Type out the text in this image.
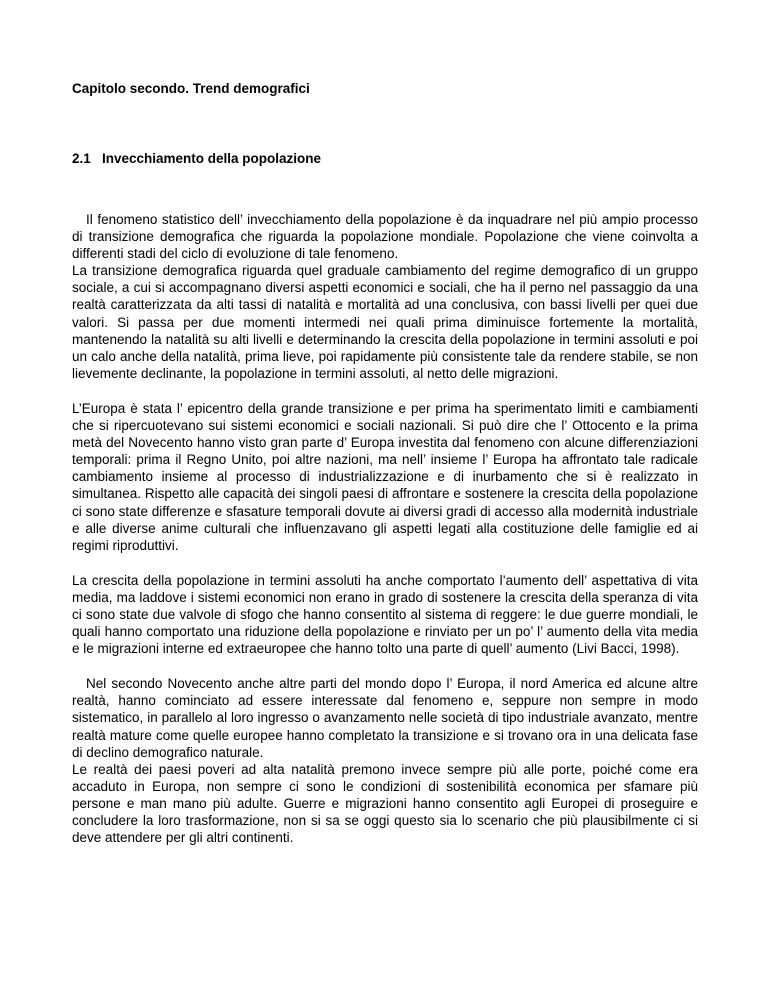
Capitolo secondo. Trend demografici
2.1 Invecchiamento della popolazione

Il fenomeno statistico dell’ invecchiamento della popolazione è da inquadrare nel più ampio processo di transizione demografica che riguarda la popolazione mondiale. Popolazione che viene coinvolta a differenti stadi del ciclo di evoluzione di tale fenomeno.

La transizione demografica riguarda quel graduale cambiamento del regime demografico di un gruppo sociale, a cui si accompagnano diversi aspetti economici e sociali, che ha il perno nel passaggio da una realtà caratterizzata da alti tassi di natalità e mortalità ad una conclusiva, con bassi livelli per quei due valori. Si passa per due momenti intermedi nei quali prima diminuisce fortemente la mortalità, mantenendo la natalità su alti livelli e determinando la crescita della popolazione in termini assoluti e poi un calo anche della natalità, prima lieve, poi rapidamente più consistente tale da rendere stabile, se non lievemente declinante, la popolazione in termini assoluti, al netto delle migrazioni.

L’Europa è stata l’ epicentro della grande transizione e per prima ha sperimentato limiti e cambiamenti che si ripercuotevano sui sistemi economici e sociali nazionali. Si può dire che l’ Ottocento e la prima metà del Novecento hanno visto gran parte d’ Europa investita dal fenomeno con alcune differenziazioni temporali: prima il Regno Unito, poi altre nazioni, ma nell’ insieme l’ Europa ha affrontato tale radicale cambiamento insieme al processo di industrializzazione e di inurbamento che si è realizzato in simultanea. Rispetto alle capacità dei singoli paesi di affrontare e sostenere la crescita della popolazione ci sono state differenze e sfasature temporali dovute ai diversi gradi di accesso alla modernità industriale e alle diverse anime culturali che influenzavano gli aspetti legati alla costituzione delle famiglie ed ai regimi riproduttivi.

La crescita della popolazione in termini assoluti ha anche comportato l’aumento dell’ aspettativa di vita media, ma laddove i sistemi economici non erano in grado di sostenere la crescita della speranza di vita ci sono state due valvole di sfogo che hanno consentito al sistema di reggere: le due guerre mondiali, le quali hanno comportato una riduzione della popolazione e rinviato per un po’ l’ aumento della vita media e le migrazioni interne ed extraeuropee che hanno tolto una parte di quell’ aumento (Livi Bacci, 1998).

Nel secondo Novecento anche altre parti del mondo dopo l’ Europa, il nord America ed alcune altre realtà, hanno cominciato ad essere interessate dal fenomeno e, seppure non sempre in modo sistematico, in parallelo al loro ingresso o avanzamento nelle società di tipo industriale avanzato, mentre realtà mature come quelle europee hanno completato la transizione e si trovano ora in una delicata fase di declino demografico naturale.

Le realtà dei paesi poveri ad alta natalità premono invece sempre più alle porte, poiché come era accaduto in Europa, non sempre ci sono le condizioni di sostenibilità economica per sfamare più persone e man mano più adulte. Guerre e migrazioni hanno consentito agli Europei di proseguire e concludere la loro trasformazione, non si sa se oggi questo sia lo scenario che più plausibilmente ci si deve attendere per gli altri continenti.
